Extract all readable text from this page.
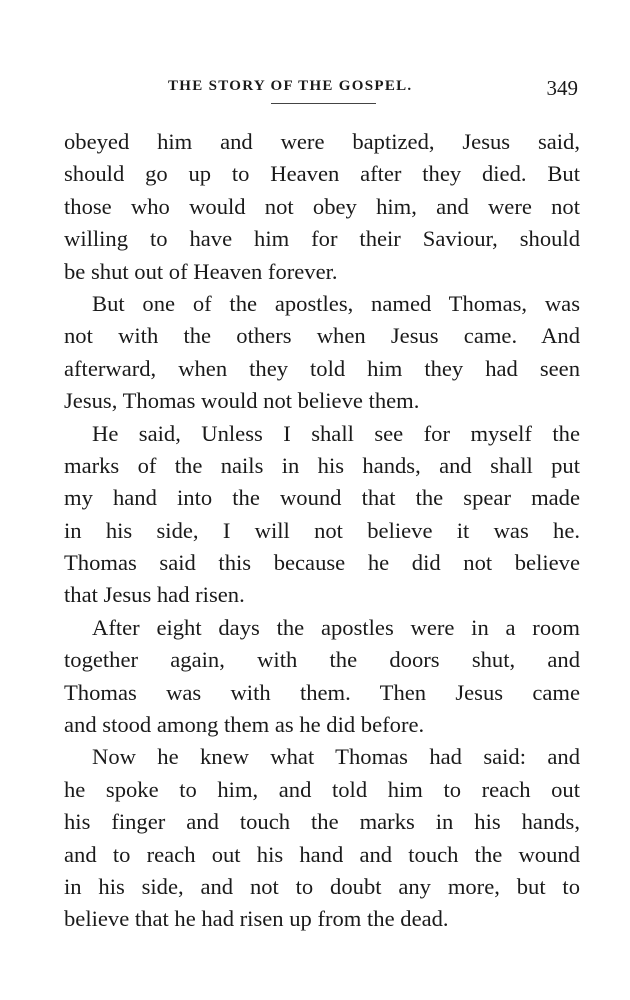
THE STORY OF THE GOSPEL.	349
obeyed him and were baptized, Jesus said,
should go up to Heaven after they died. But
those who would not obey him, and were not
willing to have him for their Saviour, should
be shut out of Heaven forever.
But one of the apostles, named Thomas, was
not with the others when Jesus came. And
afterward, when they told him they had seen
Jesus, Thomas would not believe them.
He said, Unless I shall see for myself the
marks of the nails in his hands, and shall put
my hand into the wound that the spear made
in his side, I will not believe it was he.
Thomas said this because he did not believe
that Jesus had risen.
After eight days the apostles were in a room
together again, with the doors shut, and
Thomas was with them. Then Jesus came
and stood among them as he did before.
Now he knew what Thomas had said: and
he spoke to him, and told him to reach out
his finger and touch the marks in his hands,
and to reach out his hand and touch the wound
in his side, and not to doubt any more, but to
believe that he had risen up from the dead.
